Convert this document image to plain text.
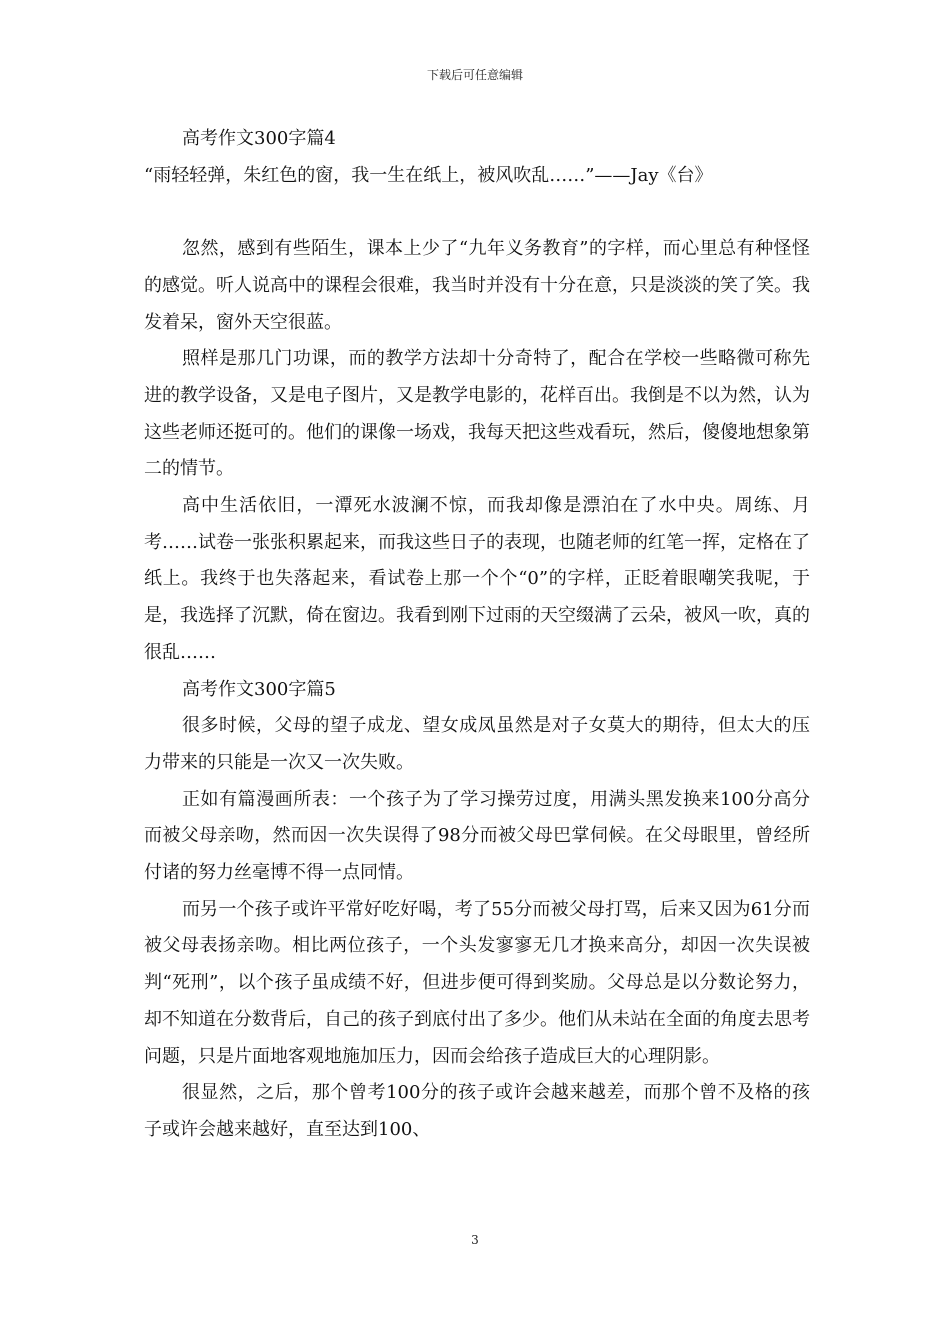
下载后可任意编辑

高考作文300字篇4

“雨轻轻弹，朱红色的窗，我一生在纸上，被风吹乱……”——Jay《台》

忽然，感到有些陌生，课本上少了“九年义务教育”的字样，而心里总有种怪怪的感觉。听人说高中的课程会很难，我当时并没有十分在意，只是淡淡的笑了笑。我发着呆，窗外天空很蓝。

照样是那几门功课，而的教学方法却十分奇特了，配合在学校一些略微可称先进的教学设备，又是电子图片，又是教学电影的，花样百出。我倒是不以为然，认为这些老师还挺可的。他们的课像一场戏，我每天把这些戏看玩，然后，傻傻地想象第二的情节。

高中生活依旧，一潭死水波澜不惊，而我却像是漂泊在了水中央。周练、月考……试卷一张张积累起来，而我这些日子的表现，也随老师的红笔一挥，定格在了纸上。我终于也失落起来，看试卷上那一个个“0”的字样，正眨着眼嘲笑我呢，于是，我选择了沉默，倚在窗边。我看到刚下过雨的天空缀满了云朵，被风一吹，真的很乱……

高考作文300字篇5

很多时候，父母的望子成龙、望女成凤虽然是对子女莫大的期待，但太大的压力带来的只能是一次又一次失败。

正如有篇漫画所表：一个孩子为了学习操劳过度，用满头黑发换来100分高分而被父母亲吻，然而因一次失误得了98分而被父母巴掌伺候。在父母眼里，曾经所付诸的努力丝毫博不得一点同情。

而另一个孩子或许平常好吃好喝，考了55分而被父母打骂，后来又因为61分而被父母表扬亲吻。相比两位孩子，一个头发寥寥无几才换来高分，却因一次失误被判“死刑”，以个孩子虽成绩不好，但进步便可得到奖励。父母总是以分数论努力，却不知道在分数背后，自己的孩子到底付出了多少。他们从未站在全面的角度去思考问题，只是片面地客观地施加压力，因而会给孩子造成巨大的心理阴影。

很显然，之后，那个曾考100分的孩子或许会越来越差，而那个曾不及格的孩子或许会越来越好，直至达到100、

3
